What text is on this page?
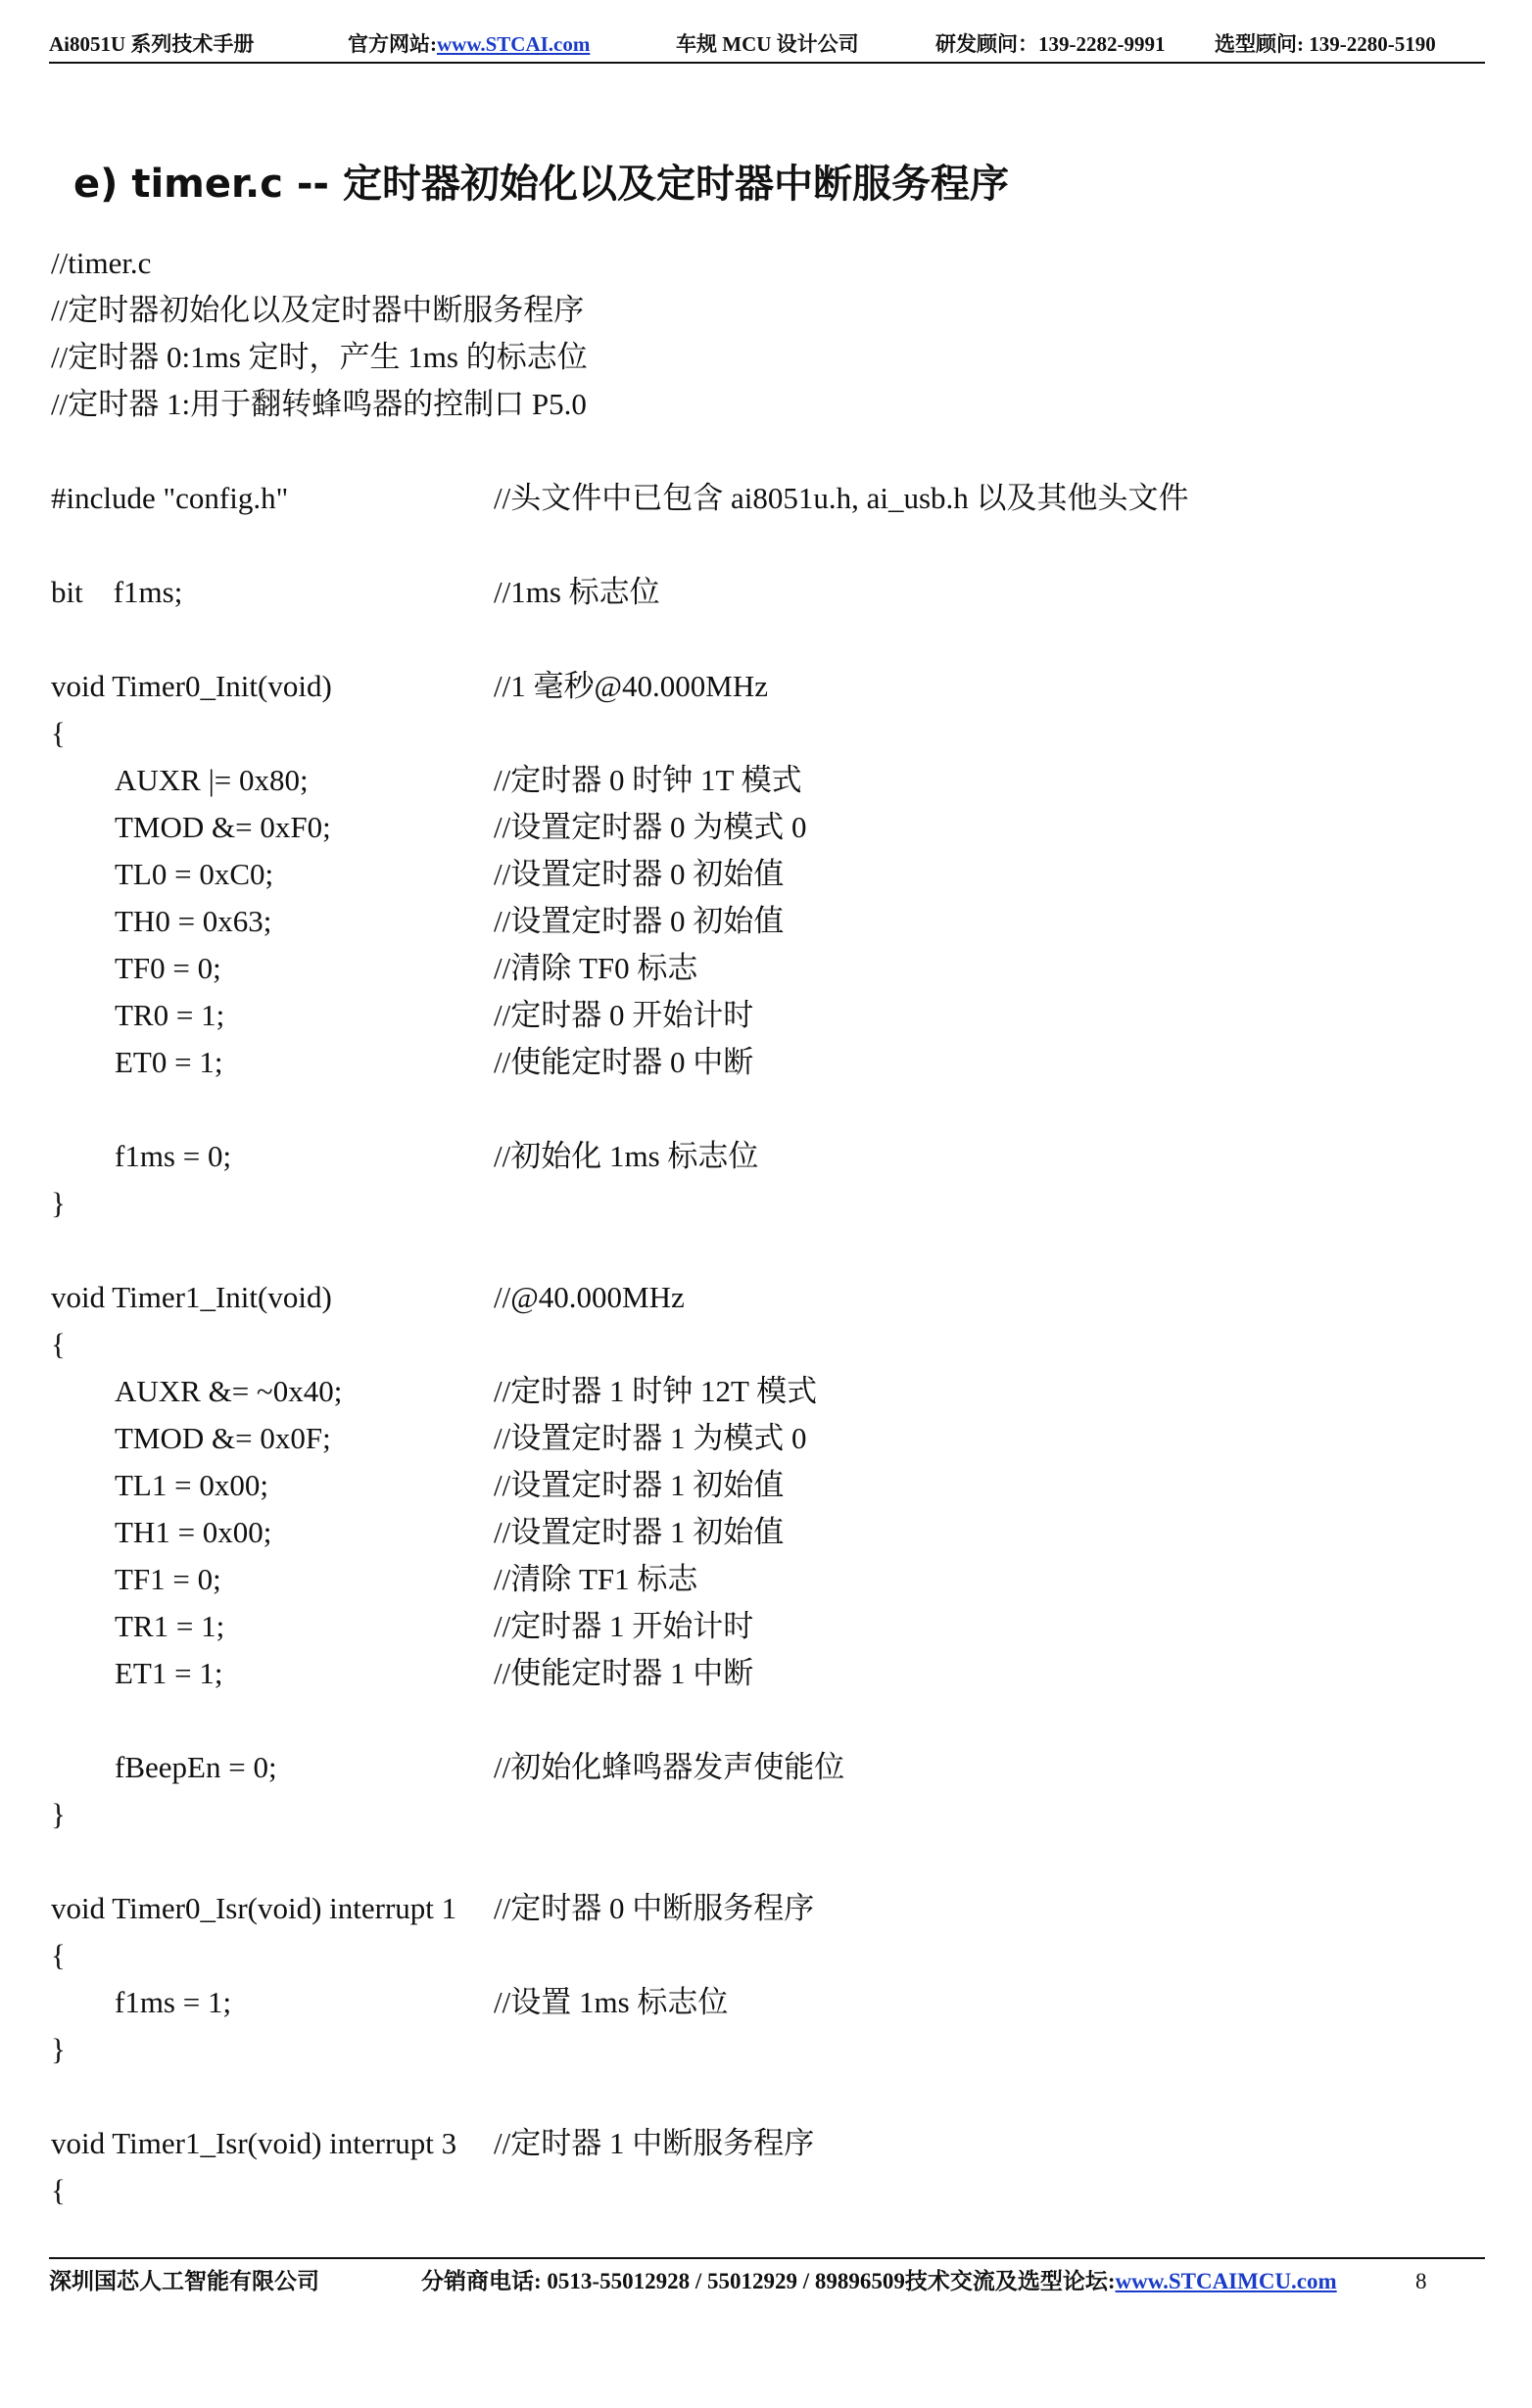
Ai8051U 系列技术手册	官方网站:www.STCAI.com	车规 MCU 设计公司	研发顾问：139-2282-9991 选型顾问: 139-2280-5190
e) timer.c -- 定时器初始化以及定时器中断服务程序
//timer.c
//定时器初始化以及定时器中断服务程序
//定时器 0:1ms 定时，产生 1ms 的标志位
//定时器 1:用于翻转蜂鸣器的控制口 P5.0
#include "config.h"	//头文件中已包含 ai8051u.h, ai_usb.h 以及其他头文件
bit    f1ms;	//1ms 标志位
void Timer0_Init(void)	//1 毫秒@40.000MHz
{
AUXR |= 0x80;	//定时器 0 时钟 1T 模式
TMOD &= 0xF0;	//设置定时器 0 为模式 0
TL0 = 0xC0;	//设置定时器 0 初始值
TH0 = 0x63;	//设置定时器 0 初始值
TF0 = 0;	//清除 TF0 标志
TR0 = 1;	//定时器 0 开始计时
ET0 = 1;	//使能定时器 0 中断
f1ms = 0;	//初始化 1ms 标志位
}
void Timer1_Init(void)	//@40.000MHz
{
AUXR &= ~0x40;	//定时器 1 时钟 12T 模式
TMOD &= 0x0F;	//设置定时器 1 为模式 0
TL1 = 0x00;	//设置定时器 1 初始值
TH1 = 0x00;	//设置定时器 1 初始值
TF1 = 0;	//清除 TF1 标志
TR1 = 1;	//定时器 1 开始计时
ET1 = 1;	//使能定时器 1 中断
fBeepEn = 0;	//初始化蜂鸣器发声使能位
}
void Timer0_Isr(void) interrupt 1 //定时器 0 中断服务程序
{
f1ms = 1;	//设置 1ms 标志位
}
void Timer1_Isr(void) interrupt 3 //定时器 1 中断服务程序
{
深圳国芯人工智能有限公司	分销商电话: 0513-55012928 / 55012929 / 89896509技术交流及选型论坛:www.STCAIMCU.com	8
